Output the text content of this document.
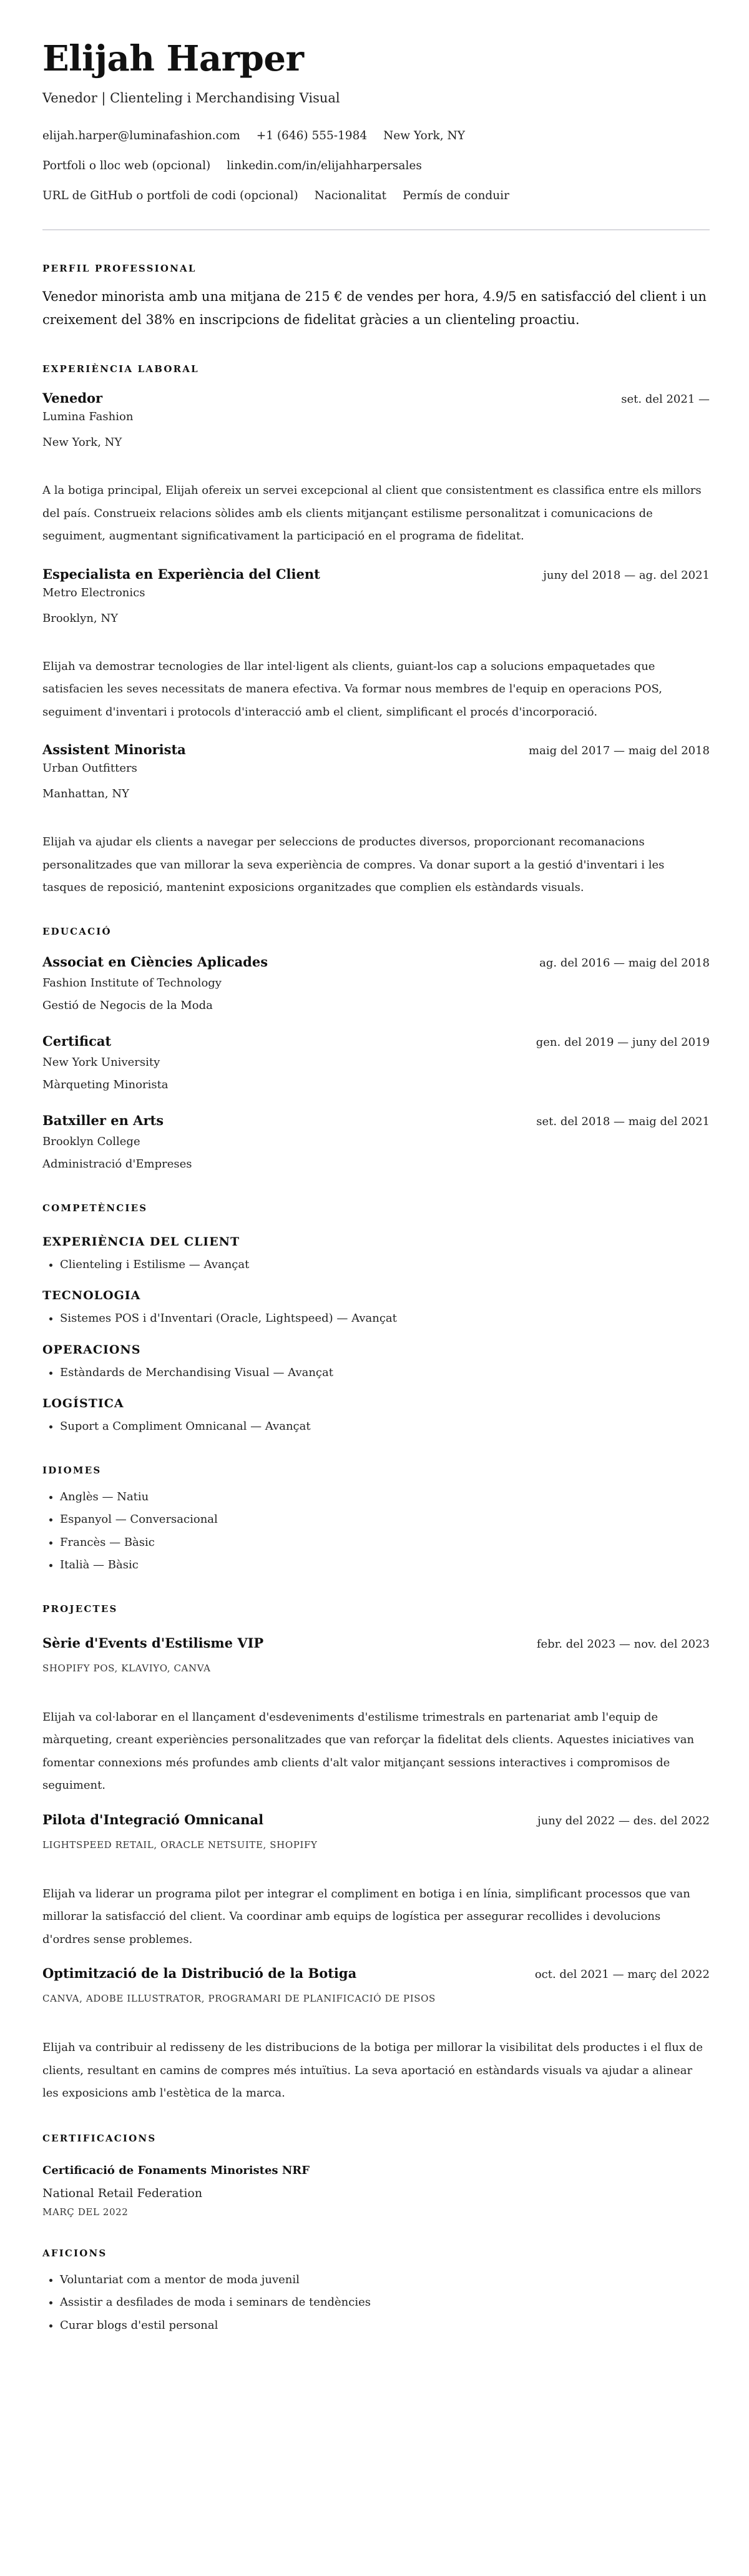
Elijah Harper
Venedor | Clienteling i Merchandising Visual
elijah.harper@luminafashion.com +1 (646) 555-1984 New York, NY
Portfoli o lloc web (opcional) linkedin.com/in/elijahharpersales
URL de GitHub o portfoli de codi (opcional) Nacionalitat Permís de conduir
PERFIL PROFESSIONAL
Venedor minorista amb una mitjana de 215 € de vendes per hora, 4.9/5 en satisfacció del client i un creixement del 38% en inscripcions de fidelitat gràcies a un clienteling proactiu.
EXPERIÈNCIA LABORAL
Venedor	set. del 2021 —
Lumina Fashion
New York, NY
A la botiga principal, Elijah ofereix un servei excepcional al client que consistentment es classifica entre els millors del país. Construeix relacions sòlides amb els clients mitjançant estilisme personalitzat i comunicacions de seguiment, augmentant significativament la participació en el programa de fidelitat.
Especialista en Experiència del Client	juny del 2018 — ag. del 2021
Metro Electronics
Brooklyn, NY
Elijah va demostrar tecnologies de llar intel·ligent als clients, guiant-los cap a solucions empaquetades que satisfacien les seves necessitats de manera efectiva. Va formar nous membres de l'equip en operacions POS, seguiment d'inventari i protocols d'interacció amb el client, simplificant el procés d'incorporació.
Assistent Minorista	maig del 2017 — maig del 2018
Urban Outfitters
Manhattan, NY
Elijah va ajudar els clients a navegar per seleccions de productes diversos, proporcionant recomanacions personalitzades que van millorar la seva experiència de compres. Va donar suport a la gestió d'inventari i les tasques de reposició, mantenint exposicions organitzades que complien els estàndards visuals.
EDUCACIÓ
Associat en Ciències Aplicades	ag. del 2016 — maig del 2018
Fashion Institute of Technology
Gestió de Negocis de la Moda
Certificat	gen. del 2019 — juny del 2019
New York University
Màrqueting Minorista
Batxiller en Arts	set. del 2018 — maig del 2021
Brooklyn College
Administració d'Empreses
COMPETÈNCIES
EXPERIÈNCIA DEL CLIENT
• Clienteling i Estilisme — Avançat
TECNOLOGIA
• Sistemes POS i d'Inventari (Oracle, Lightspeed) — Avançat
OPERACIONS
• Estàndards de Merchandising Visual — Avançat
LOGÍSTICA
• Suport a Compliment Omnicanal — Avançat
IDIOMES
• Anglès — Natiu
• Espanyol — Conversacional
• Francès — Bàsic
• Italià — Bàsic
PROJECTES
Sèrie d'Events d'Estilisme VIP	febr. del 2023 — nov. del 2023
SHOPIFY POS, KLAVIYO, CANVA
Elijah va col·laborar en el llançament d'esdeveniments d'estilisme trimestrals en partenariat amb l'equip de màrqueting, creant experiències personalitzades que van reforçar la fidelitat dels clients. Aquestes iniciatives van fomentar connexions més profundes amb clients d'alt valor mitjançant sessions interactives i compromisos de seguiment.
Pilota d'Integració Omnicanal	juny del 2022 — des. del 2022
LIGHTSPEED RETAIL, ORACLE NETSUITE, SHOPIFY
Elijah va liderar un programa pilot per integrar el compliment en botiga i en línia, simplificant processos que van millorar la satisfacció del client. Va coordinar amb equips de logística per assegurar recollides i devolucions d'ordres sense problemes.
Optimització de la Distribució de la Botiga	oct. del 2021 — març del 2022
CANVA, ADOBE ILLUSTRATOR, PROGRAMARI DE PLANIFICACIÓ DE PISOS
Elijah va contribuir al redisseny de les distribucions de la botiga per millorar la visibilitat dels productes i el flux de clients, resultant en camins de compres més intuïtius. La seva aportació en estàndards visuals va ajudar a alinear les exposicions amb l'estètica de la marca.
CERTIFICACIONS
Certificació de Fonaments Minoristes NRF
National Retail Federation
MARÇ DEL 2022
AFICIONS
• Voluntariat com a mentor de moda juvenil
• Assistir a desfilades de moda i seminars de tendències
• Curar blogs d'estil personal
